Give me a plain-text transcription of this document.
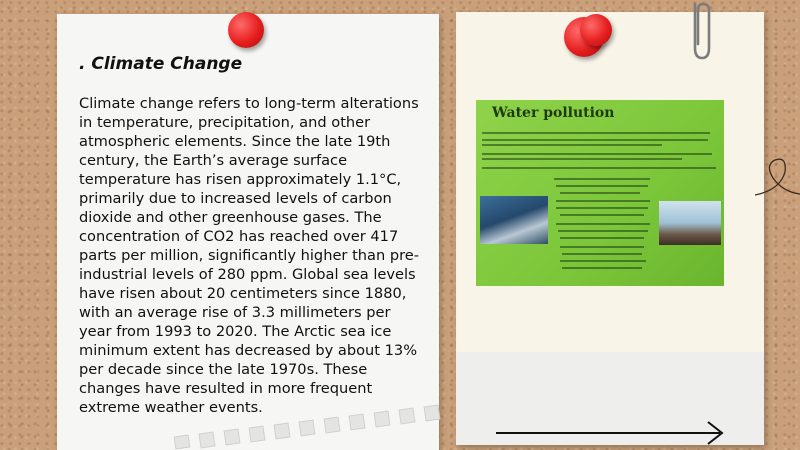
. Climate Change

Climate change refers to long-term alterations in temperature, precipitation, and other atmospheric elements. Since the late 19th century, the Earth’s average surface temperature has risen approximately 1.1°C, primarily due to increased levels of carbon dioxide and other greenhouse gases. The concentration of CO2 has reached over 417 parts per million, significantly higher than pre-industrial levels of 280 ppm. Global sea levels have risen about 20 centimeters since 1880, with an average rise of 3.3 millimeters per year from 1993 to 2020. The Arctic sea ice minimum extent has decreased by about 13% per decade since the late 1970s. These changes have resulted in more frequent extreme weather events.

Water pollution
